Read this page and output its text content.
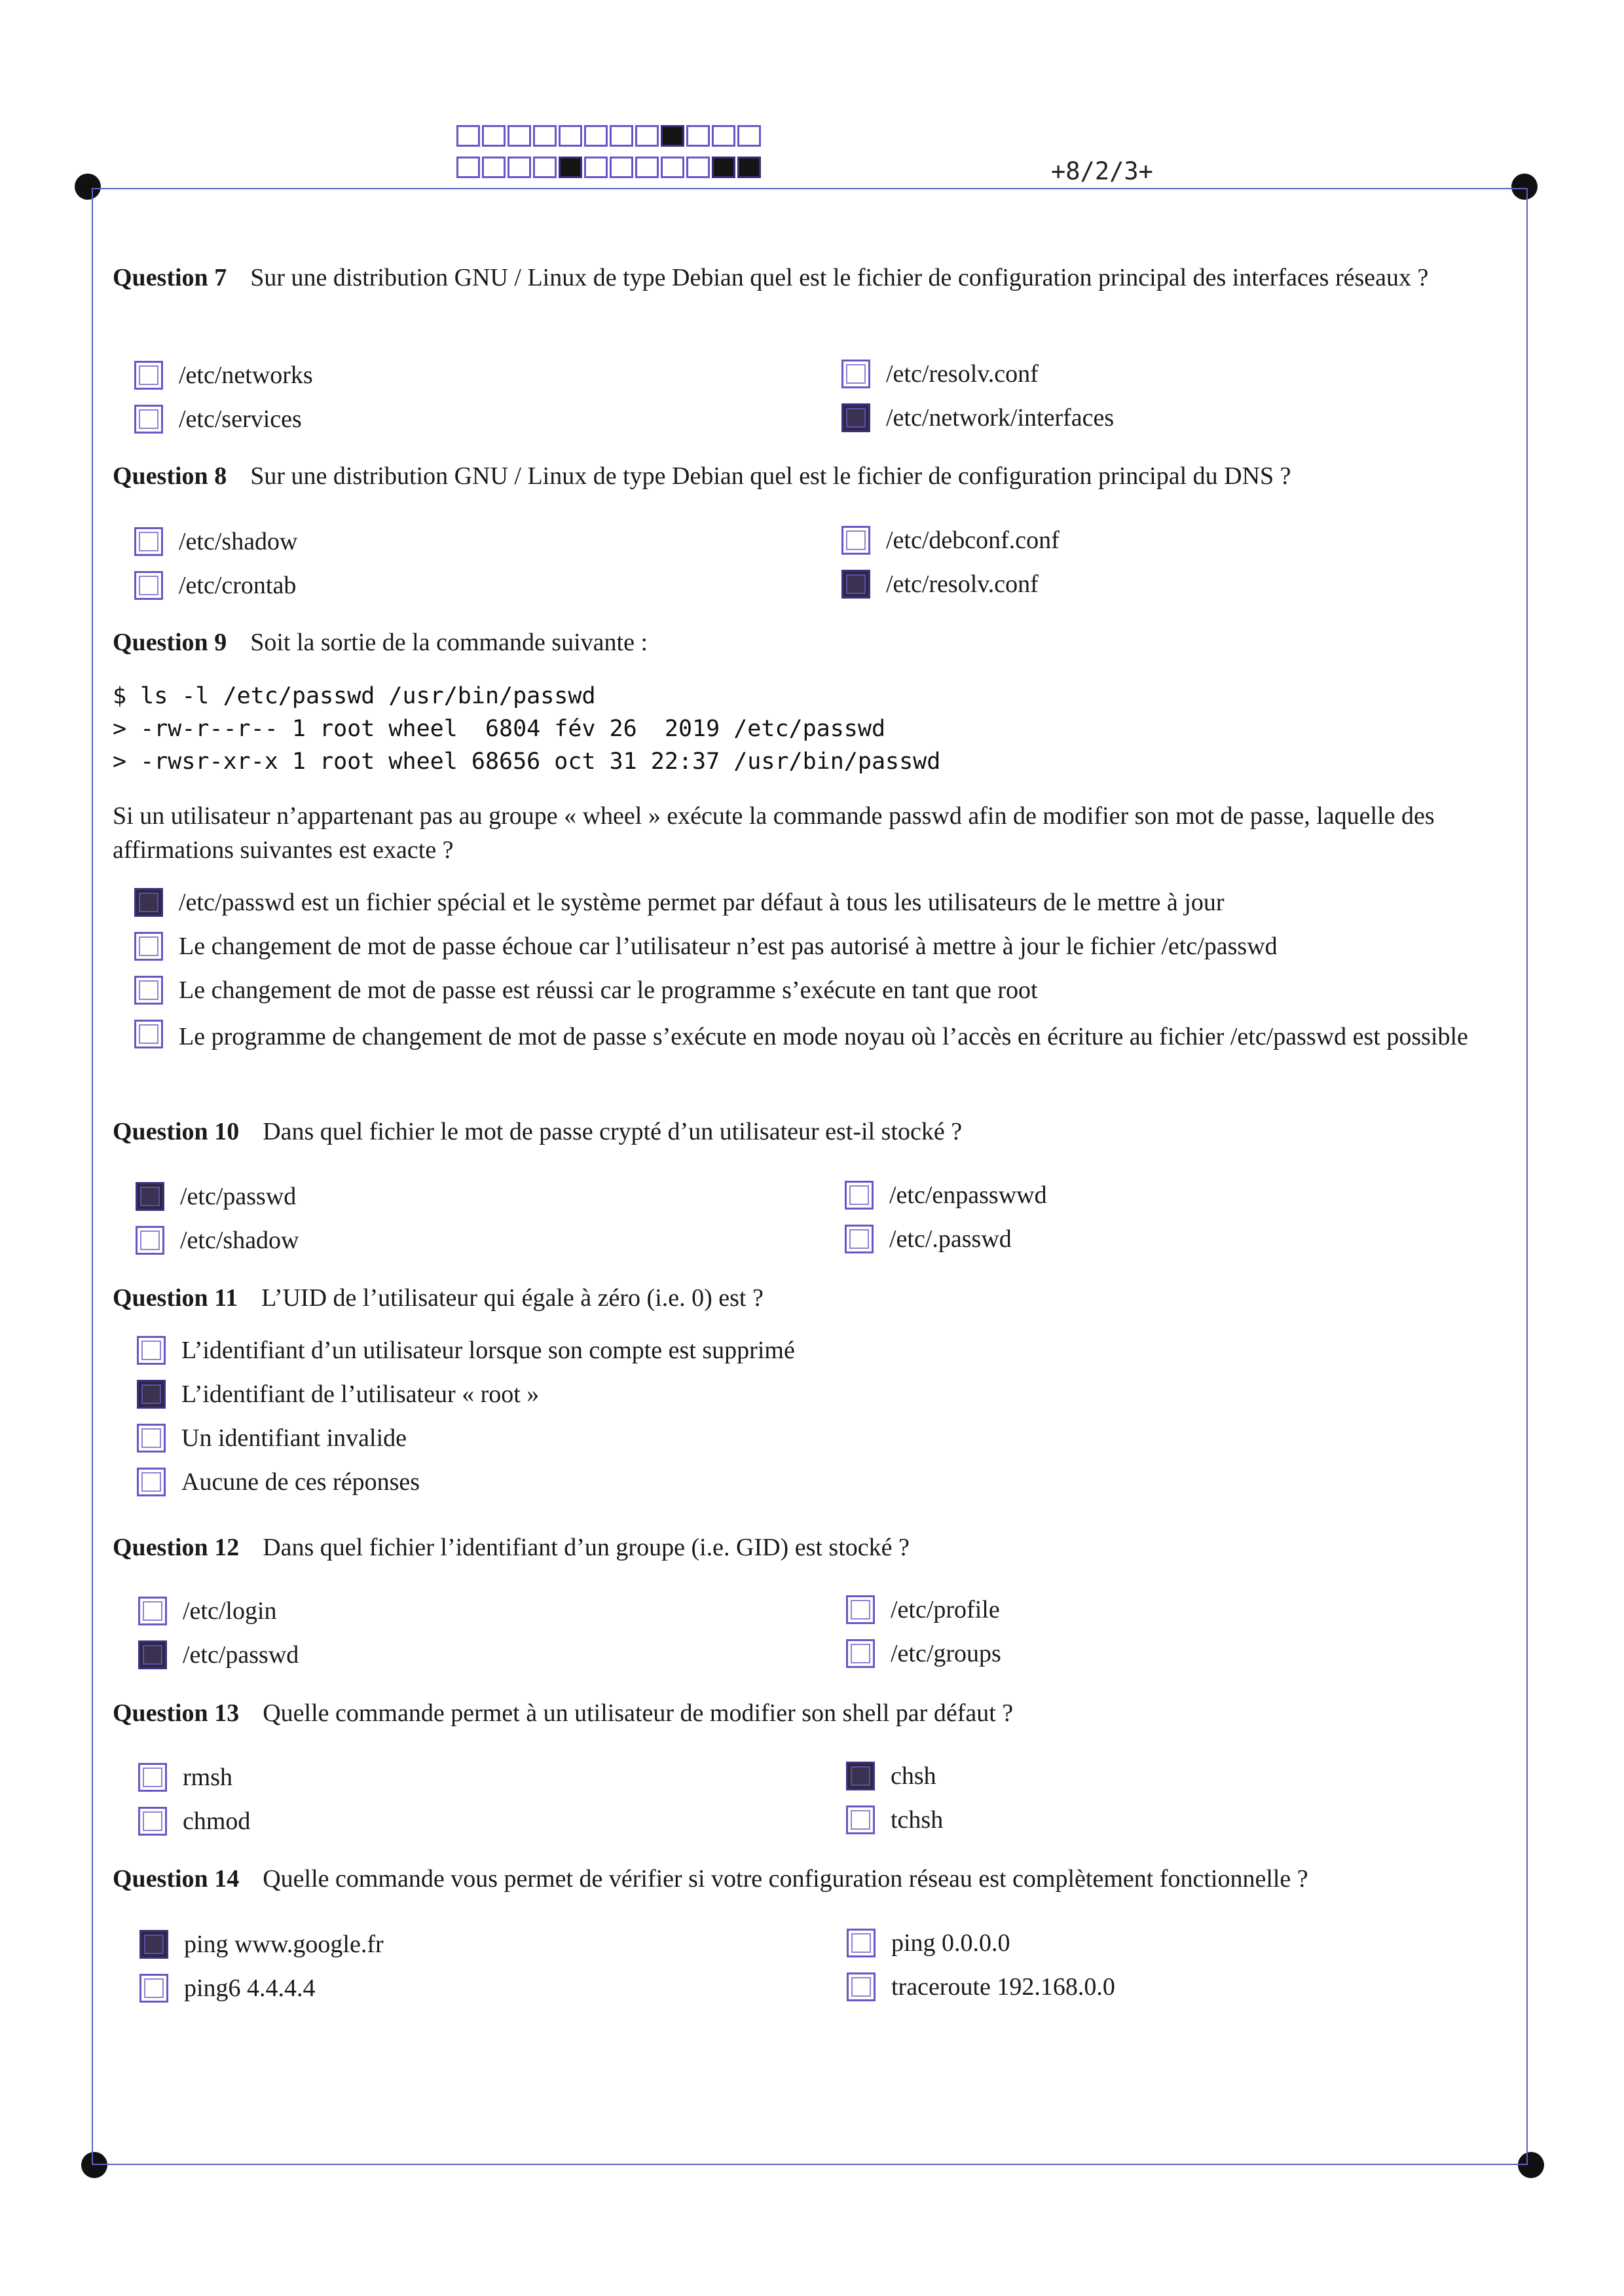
+8/2/3+
Question 7 Sur une distribution GNU / Linux de type Debian quel est le fichier de configuration principal des interfaces réseaux ?
/etc/networks	/etc/resolv.conf
/etc/services	/etc/network/interfaces
Question 8 Sur une distribution GNU / Linux de type Debian quel est le fichier de configuration principal du DNS ?
/etc/shadow	/etc/debconf.conf
/etc/crontab	/etc/resolv.conf
Question 9 Soit la sortie de la commande suivante :
$ ls -l /etc/passwd /usr/bin/passwd
> -rw-r--r-- 1 root wheel  6804 fév 26  2019 /etc/passwd
> -rwsr-xr-x 1 root wheel 68656 oct 31 22:37 /usr/bin/passwd
Si un utilisateur n’appartenant pas au groupe « wheel » exécute la commande passwd afin de modifier son mot de passe, laquelle des affirmations suivantes est exacte ?
/etc/passwd est un fichier spécial et le système permet par défaut à tous les utilisateurs de le mettre à jour
Le changement de mot de passe échoue car l’utilisateur n’est pas autorisé à mettre à jour le fichier /etc/passwd
Le changement de mot de passe est réussi car le programme s’exécute en tant que root
Le programme de changement de mot de passe s’exécute en mode noyau où l’accès en écriture au fichier /etc/passwd est possible
Question 10 Dans quel fichier le mot de passe crypté d’un utilisateur est-il stocké ?
/etc/passwd	/etc/enpasswwd
/etc/shadow	/etc/.passwd
Question 11 L’UID de l’utilisateur qui égale à zéro (i.e. 0) est ?
L’identifiant d’un utilisateur lorsque son compte est supprimé
L’identifiant de l’utilisateur « root »
Un identifiant invalide
Aucune de ces réponses
Question 12 Dans quel fichier l’identifiant d’un groupe (i.e. GID) est stocké ?
/etc/login	/etc/profile
/etc/passwd	/etc/groups
Question 13 Quelle commande permet à un utilisateur de modifier son shell par défaut ?
rmsh	chsh
chmod	tchsh
Question 14 Quelle commande vous permet de vérifier si votre configuration réseau est complètement fonctionnelle ?
ping www.google.fr	ping 0.0.0.0
ping6 4.4.4.4	traceroute 192.168.0.0
